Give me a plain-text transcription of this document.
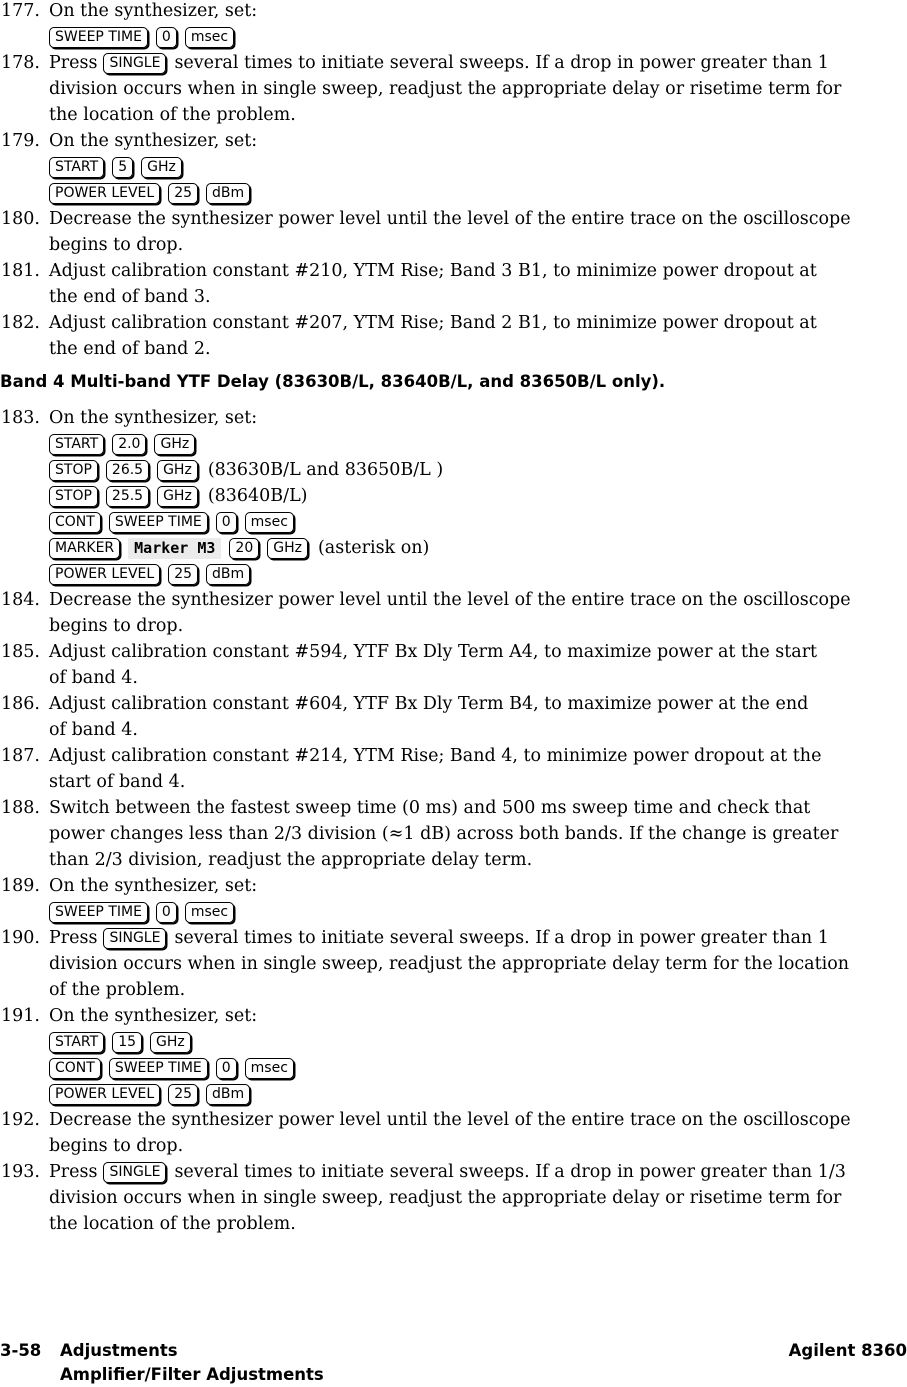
177. On the synthesizer, set:
SWEEP TIME	0	msec
178. Press SINGLE several times to initiate several sweeps. If a drop in power greater than 1
division occurs when in single sweep, readjust the appropriate delay or risetime term for
the location of the problem.
179. On the synthesizer, set:
START	5	GHz
POWER LEVEL	25	dBm
180. Decrease the synthesizer power level until the level of the entire trace on the oscilloscope
begins to drop.
181. Adjust calibration constant #210, YTM Rise; Band 3 B1, to minimize power dropout at
the end of band 3.
182. Adjust calibration constant #207, YTM Rise; Band 2 B1, to minimize power dropout at
the end of band 2.
Band 4 Multi-band YTF Delay (83630B/L, 83640B/L, and 83650B/L only).
183. On the synthesizer, set:
START	2.0	GHz
STOP	26.5	GHz (83630B/L and 83650B/L )
STOP	25.5	GHz (83640B/L)
CONT	SWEEP TIME	0	msec
MARKER	Marker M3	20	GHz (asterisk on)
POWER LEVEL	25	dBm
184. Decrease the synthesizer power level until the level of the entire trace on the oscilloscope
begins to drop.
185. Adjust calibration constant #594, YTF Bx Dly Term A4, to maximize power at the start
of band 4.
186. Adjust calibration constant #604, YTF Bx Dly Term B4, to maximize power at the end
of band 4.
187. Adjust calibration constant #214, YTM Rise; Band 4, to minimize power dropout at the
start of band 4.
188. Switch between the fastest sweep time (0 ms) and 500 ms sweep time and check that
power changes less than 2/3 division (≈1 dB) across both bands. If the change is greater
than 2/3 division, readjust the appropriate delay term.
189. On the synthesizer, set:
SWEEP TIME	0	msec
190. Press SINGLE several times to initiate several sweeps. If a drop in power greater than 1
division occurs when in single sweep, readjust the appropriate delay term for the location
of the problem.
191. On the synthesizer, set:
START	15	GHz
CONT	SWEEP TIME	0	msec
POWER LEVEL	25	dBm
192. Decrease the synthesizer power level until the level of the entire trace on the oscilloscope
begins to drop.
193. Press SINGLE several times to initiate several sweeps. If a drop in power greater than 1/3
division occurs when in single sweep, readjust the appropriate delay or risetime term for
the location of the problem.
3-58 Adjustments
Amplifier/Filter Adjustments
Agilent 8360
